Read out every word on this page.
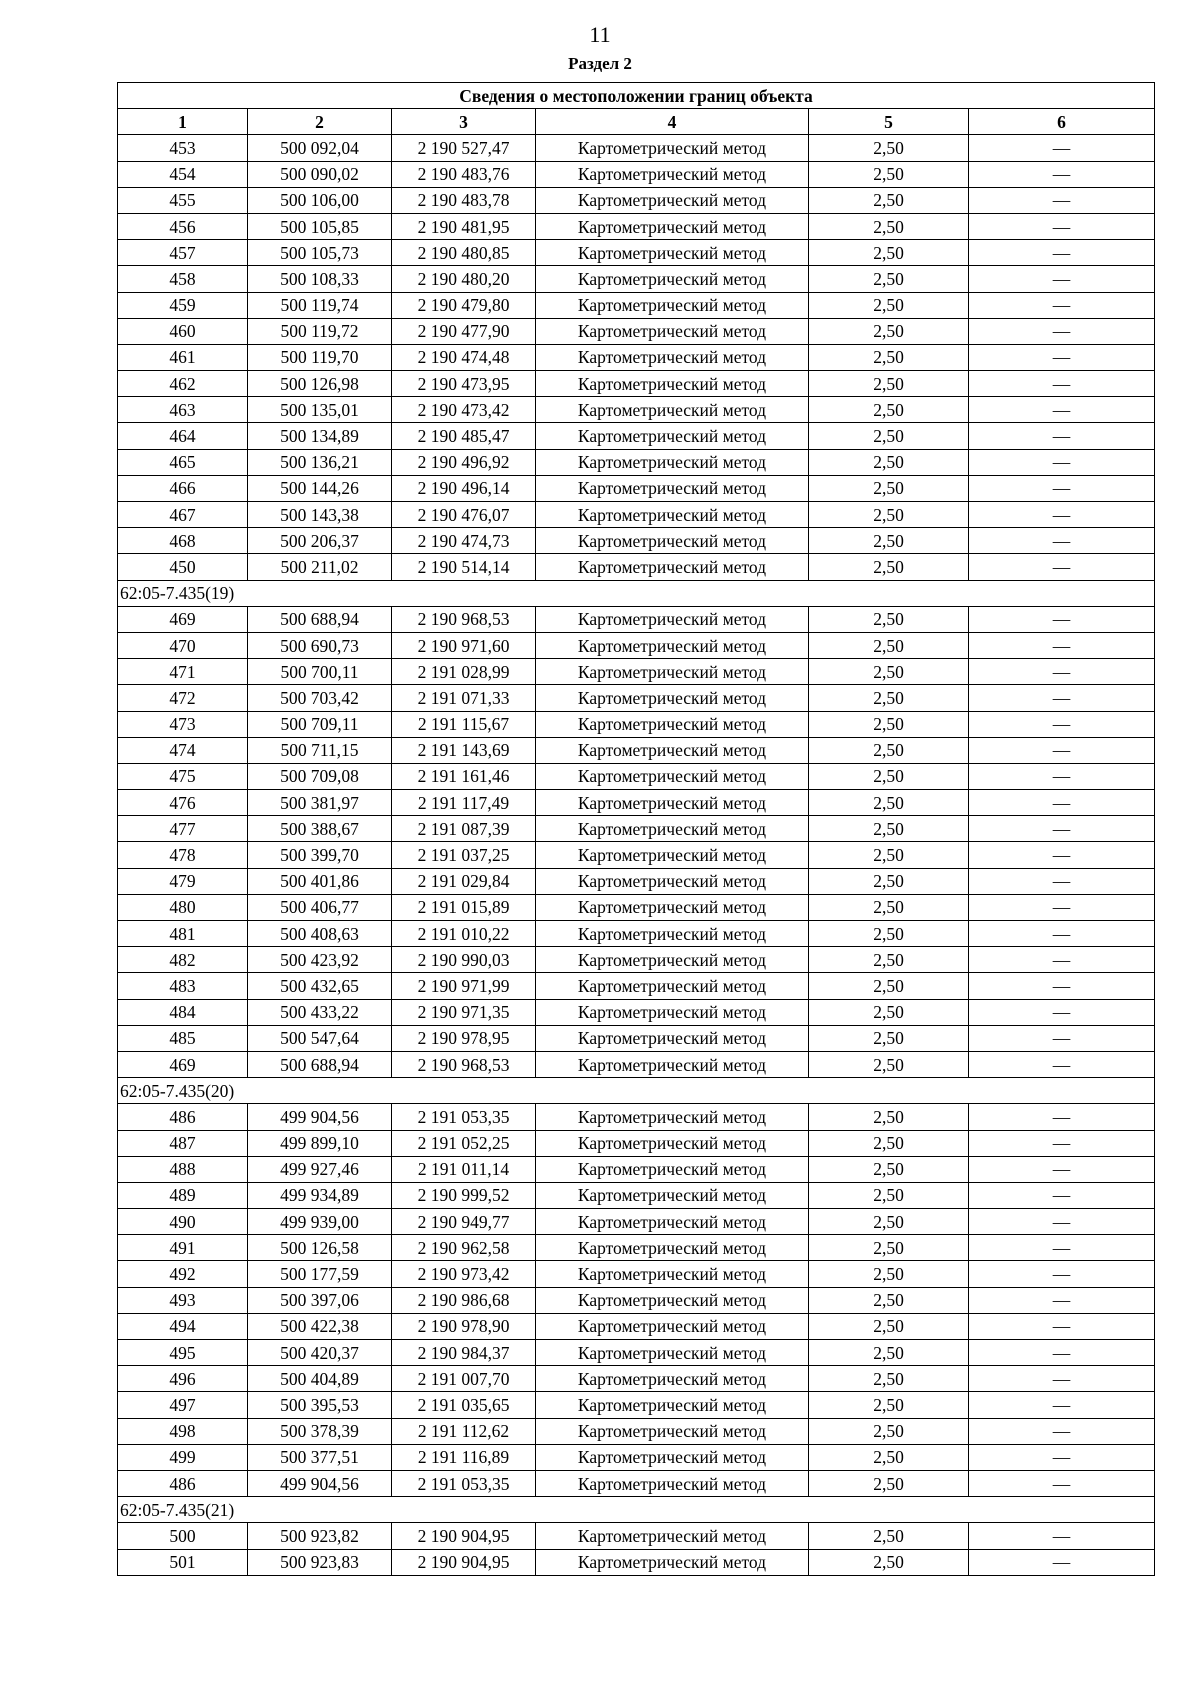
11
Раздел 2
Сведения о местоположении границ объекта					
1	2	3	4	5	6
453	500 092,04	2 190 527,47	Картометрический метод	2,50	—
454	500 090,02	2 190 483,76	Картометрический метод	2,50	—
455	500 106,00	2 190 483,78	Картометрический метод	2,50	—
456	500 105,85	2 190 481,95	Картометрический метод	2,50	—
457	500 105,73	2 190 480,85	Картометрический метод	2,50	—
458	500 108,33	2 190 480,20	Картометрический метод	2,50	—
459	500 119,74	2 190 479,80	Картометрический метод	2,50	—
460	500 119,72	2 190 477,90	Картометрический метод	2,50	—
461	500 119,70	2 190 474,48	Картометрический метод	2,50	—
462	500 126,98	2 190 473,95	Картометрический метод	2,50	—
463	500 135,01	2 190 473,42	Картометрический метод	2,50	—
464	500 134,89	2 190 485,47	Картометрический метод	2,50	—
465	500 136,21	2 190 496,92	Картометрический метод	2,50	—
466	500 144,26	2 190 496,14	Картометрический метод	2,50	—
467	500 143,38	2 190 476,07	Картометрический метод	2,50	—
468	500 206,37	2 190 474,73	Картометрический метод	2,50	—
450	500 211,02	2 190 514,14	Картометрический метод	2,50	—
62:05-7.435(19)					
469	500 688,94	2 190 968,53	Картометрический метод	2,50	—
470	500 690,73	2 190 971,60	Картометрический метод	2,50	—
471	500 700,11	2 191 028,99	Картометрический метод	2,50	—
472	500 703,42	2 191 071,33	Картометрический метод	2,50	—
473	500 709,11	2 191 115,67	Картометрический метод	2,50	—
474	500 711,15	2 191 143,69	Картометрический метод	2,50	—
475	500 709,08	2 191 161,46	Картометрический метод	2,50	—
476	500 381,97	2 191 117,49	Картометрический метод	2,50	—
477	500 388,67	2 191 087,39	Картометрический метод	2,50	—
478	500 399,70	2 191 037,25	Картометрический метод	2,50	—
479	500 401,86	2 191 029,84	Картометрический метод	2,50	—
480	500 406,77	2 191 015,89	Картометрический метод	2,50	—
481	500 408,63	2 191 010,22	Картометрический метод	2,50	—
482	500 423,92	2 190 990,03	Картометрический метод	2,50	—
483	500 432,65	2 190 971,99	Картометрический метод	2,50	—
484	500 433,22	2 190 971,35	Картометрический метод	2,50	—
485	500 547,64	2 190 978,95	Картометрический метод	2,50	—
469	500 688,94	2 190 968,53	Картометрический метод	2,50	—
62:05-7.435(20)					
486	499 904,56	2 191 053,35	Картометрический метод	2,50	—
487	499 899,10	2 191 052,25	Картометрический метод	2,50	—
488	499 927,46	2 191 011,14	Картометрический метод	2,50	—
489	499 934,89	2 190 999,52	Картометрический метод	2,50	—
490	499 939,00	2 190 949,77	Картометрический метод	2,50	—
491	500 126,58	2 190 962,58	Картометрический метод	2,50	—
492	500 177,59	2 190 973,42	Картометрический метод	2,50	—
493	500 397,06	2 190 986,68	Картометрический метод	2,50	—
494	500 422,38	2 190 978,90	Картометрический метод	2,50	—
495	500 420,37	2 190 984,37	Картометрический метод	2,50	—
496	500 404,89	2 191 007,70	Картометрический метод	2,50	—
497	500 395,53	2 191 035,65	Картометрический метод	2,50	—
498	500 378,39	2 191 112,62	Картометрический метод	2,50	—
499	500 377,51	2 191 116,89	Картометрический метод	2,50	—
486	499 904,56	2 191 053,35	Картометрический метод	2,50	—
62:05-7.435(21)					
500	500 923,82	2 190 904,95	Картометрический метод	2,50	—
501	500 923,83	2 190 904,95	Картометрический метод	2,50	—
